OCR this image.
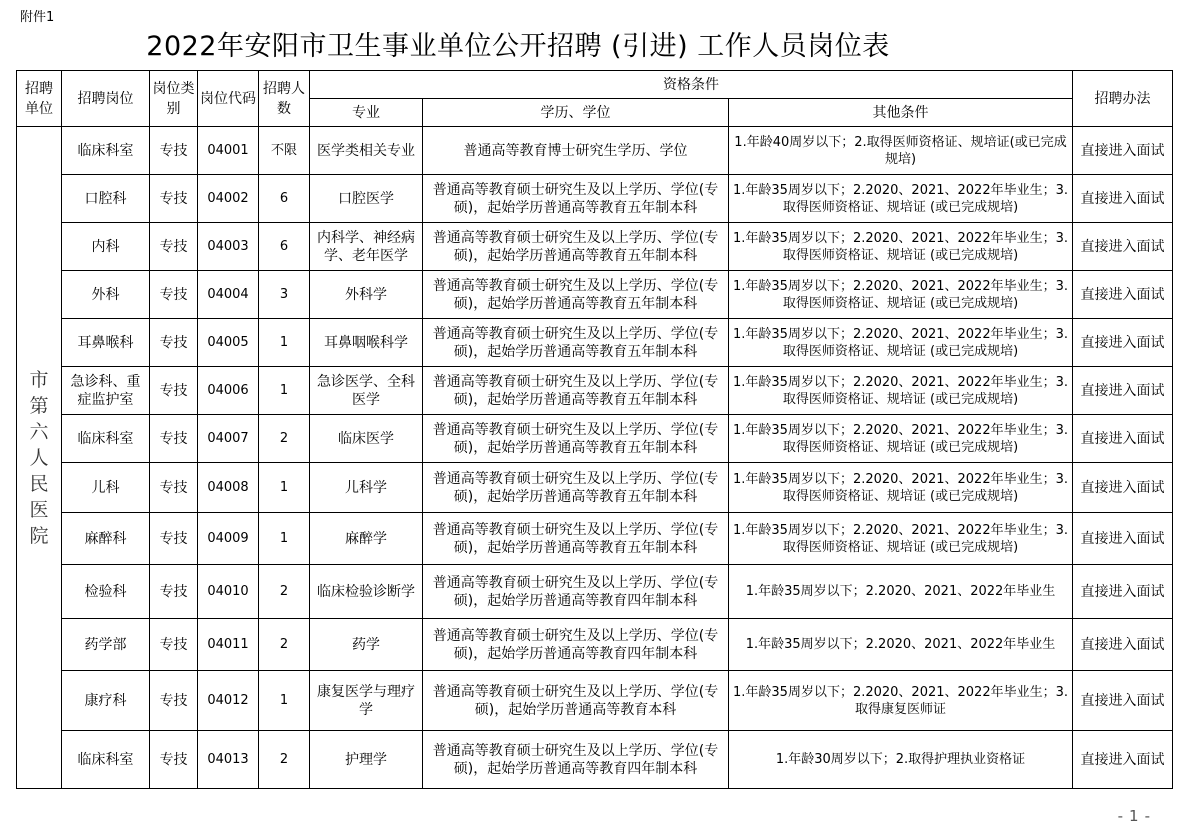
附件1
2022年安阳市卫生事业单位公开招聘 (引进) 工作人员岗位表
招聘单位	招聘岗位	岗位类别	岗位代码	招聘人数	资格条件			招聘办法
					专业	学历、学位	其他条件	

市第六人民医院	临床科室	专技	04001	不限	医学类相关专业	普通高等教育博士研究生学历、学位	1.年龄40周岁以下；2.取得医师资格证、规培证(或已完成规培)	直接进入面试
	口腔科	专技	04002	6	口腔医学	普通高等教育硕士研究生及以上学历、学位(专硕)，起始学历普通高等教育五年制本科	1.年龄35周岁以下；2.2020、2021、2022年毕业生；3.取得医师资格证、规培证 (或已完成规培)	直接进入面试
	内科	专技	04003	6	内科学、神经病学、老年医学	普通高等教育硕士研究生及以上学历、学位(专硕)，起始学历普通高等教育五年制本科	1.年龄35周岁以下；2.2020、2021、2022年毕业生；3.取得医师资格证、规培证 (或已完成规培)	直接进入面试
	外科	专技	04004	3	外科学	普通高等教育硕士研究生及以上学历、学位(专硕)，起始学历普通高等教育五年制本科	1.年龄35周岁以下；2.2020、2021、2022年毕业生；3.取得医师资格证、规培证 (或已完成规培)	直接进入面试
	耳鼻喉科	专技	04005	1	耳鼻咽喉科学	普通高等教育硕士研究生及以上学历、学位(专硕)，起始学历普通高等教育五年制本科	1.年龄35周岁以下；2.2020、2021、2022年毕业生；3.取得医师资格证、规培证 (或已完成规培)	直接进入面试
	急诊科、重症监护室	专技	04006	1	急诊医学、全科医学	普通高等教育硕士研究生及以上学历、学位(专硕)，起始学历普通高等教育五年制本科	1.年龄35周岁以下；2.2020、2021、2022年毕业生；3.取得医师资格证、规培证 (或已完成规培)	直接进入面试
	临床科室	专技	04007	2	临床医学	普通高等教育硕士研究生及以上学历、学位(专硕)，起始学历普通高等教育五年制本科	1.年龄35周岁以下；2.2020、2021、2022年毕业生；3.取得医师资格证、规培证 (或已完成规培)	直接进入面试
	儿科	专技	04008	1	儿科学	普通高等教育硕士研究生及以上学历、学位(专硕)，起始学历普通高等教育五年制本科	1.年龄35周岁以下；2.2020、2021、2022年毕业生；3.取得医师资格证、规培证 (或已完成规培)	直接进入面试
	麻醉科	专技	04009	1	麻醉学	普通高等教育硕士研究生及以上学历、学位(专硕)，起始学历普通高等教育五年制本科	1.年龄35周岁以下；2.2020、2021、2022年毕业生；3.取得医师资格证、规培证 (或已完成规培)	直接进入面试
	检验科	专技	04010	2	临床检验诊断学	普通高等教育硕士研究生及以上学历、学位(专硕)，起始学历普通高等教育四年制本科	1.年龄35周岁以下；2.2020、2021、2022年毕业生	直接进入面试
	药学部	专技	04011	2	药学	普通高等教育硕士研究生及以上学历、学位(专硕)，起始学历普通高等教育四年制本科	1.年龄35周岁以下；2.2020、2021、2022年毕业生	直接进入面试
	康疗科	专技	04012	1	康复医学与理疗学	普通高等教育硕士研究生及以上学历、学位(专硕)，起始学历普通高等教育本科	1.年龄35周岁以下；2.2020、2021、2022年毕业生；3.取得康复医师证	直接进入面试
	临床科室	专技	04013	2	护理学	普通高等教育硕士研究生及以上学历、学位(专硕)，起始学历普通高等教育四年制本科	1.年龄30周岁以下；2.取得护理执业资格证	直接进入面试
-1-
